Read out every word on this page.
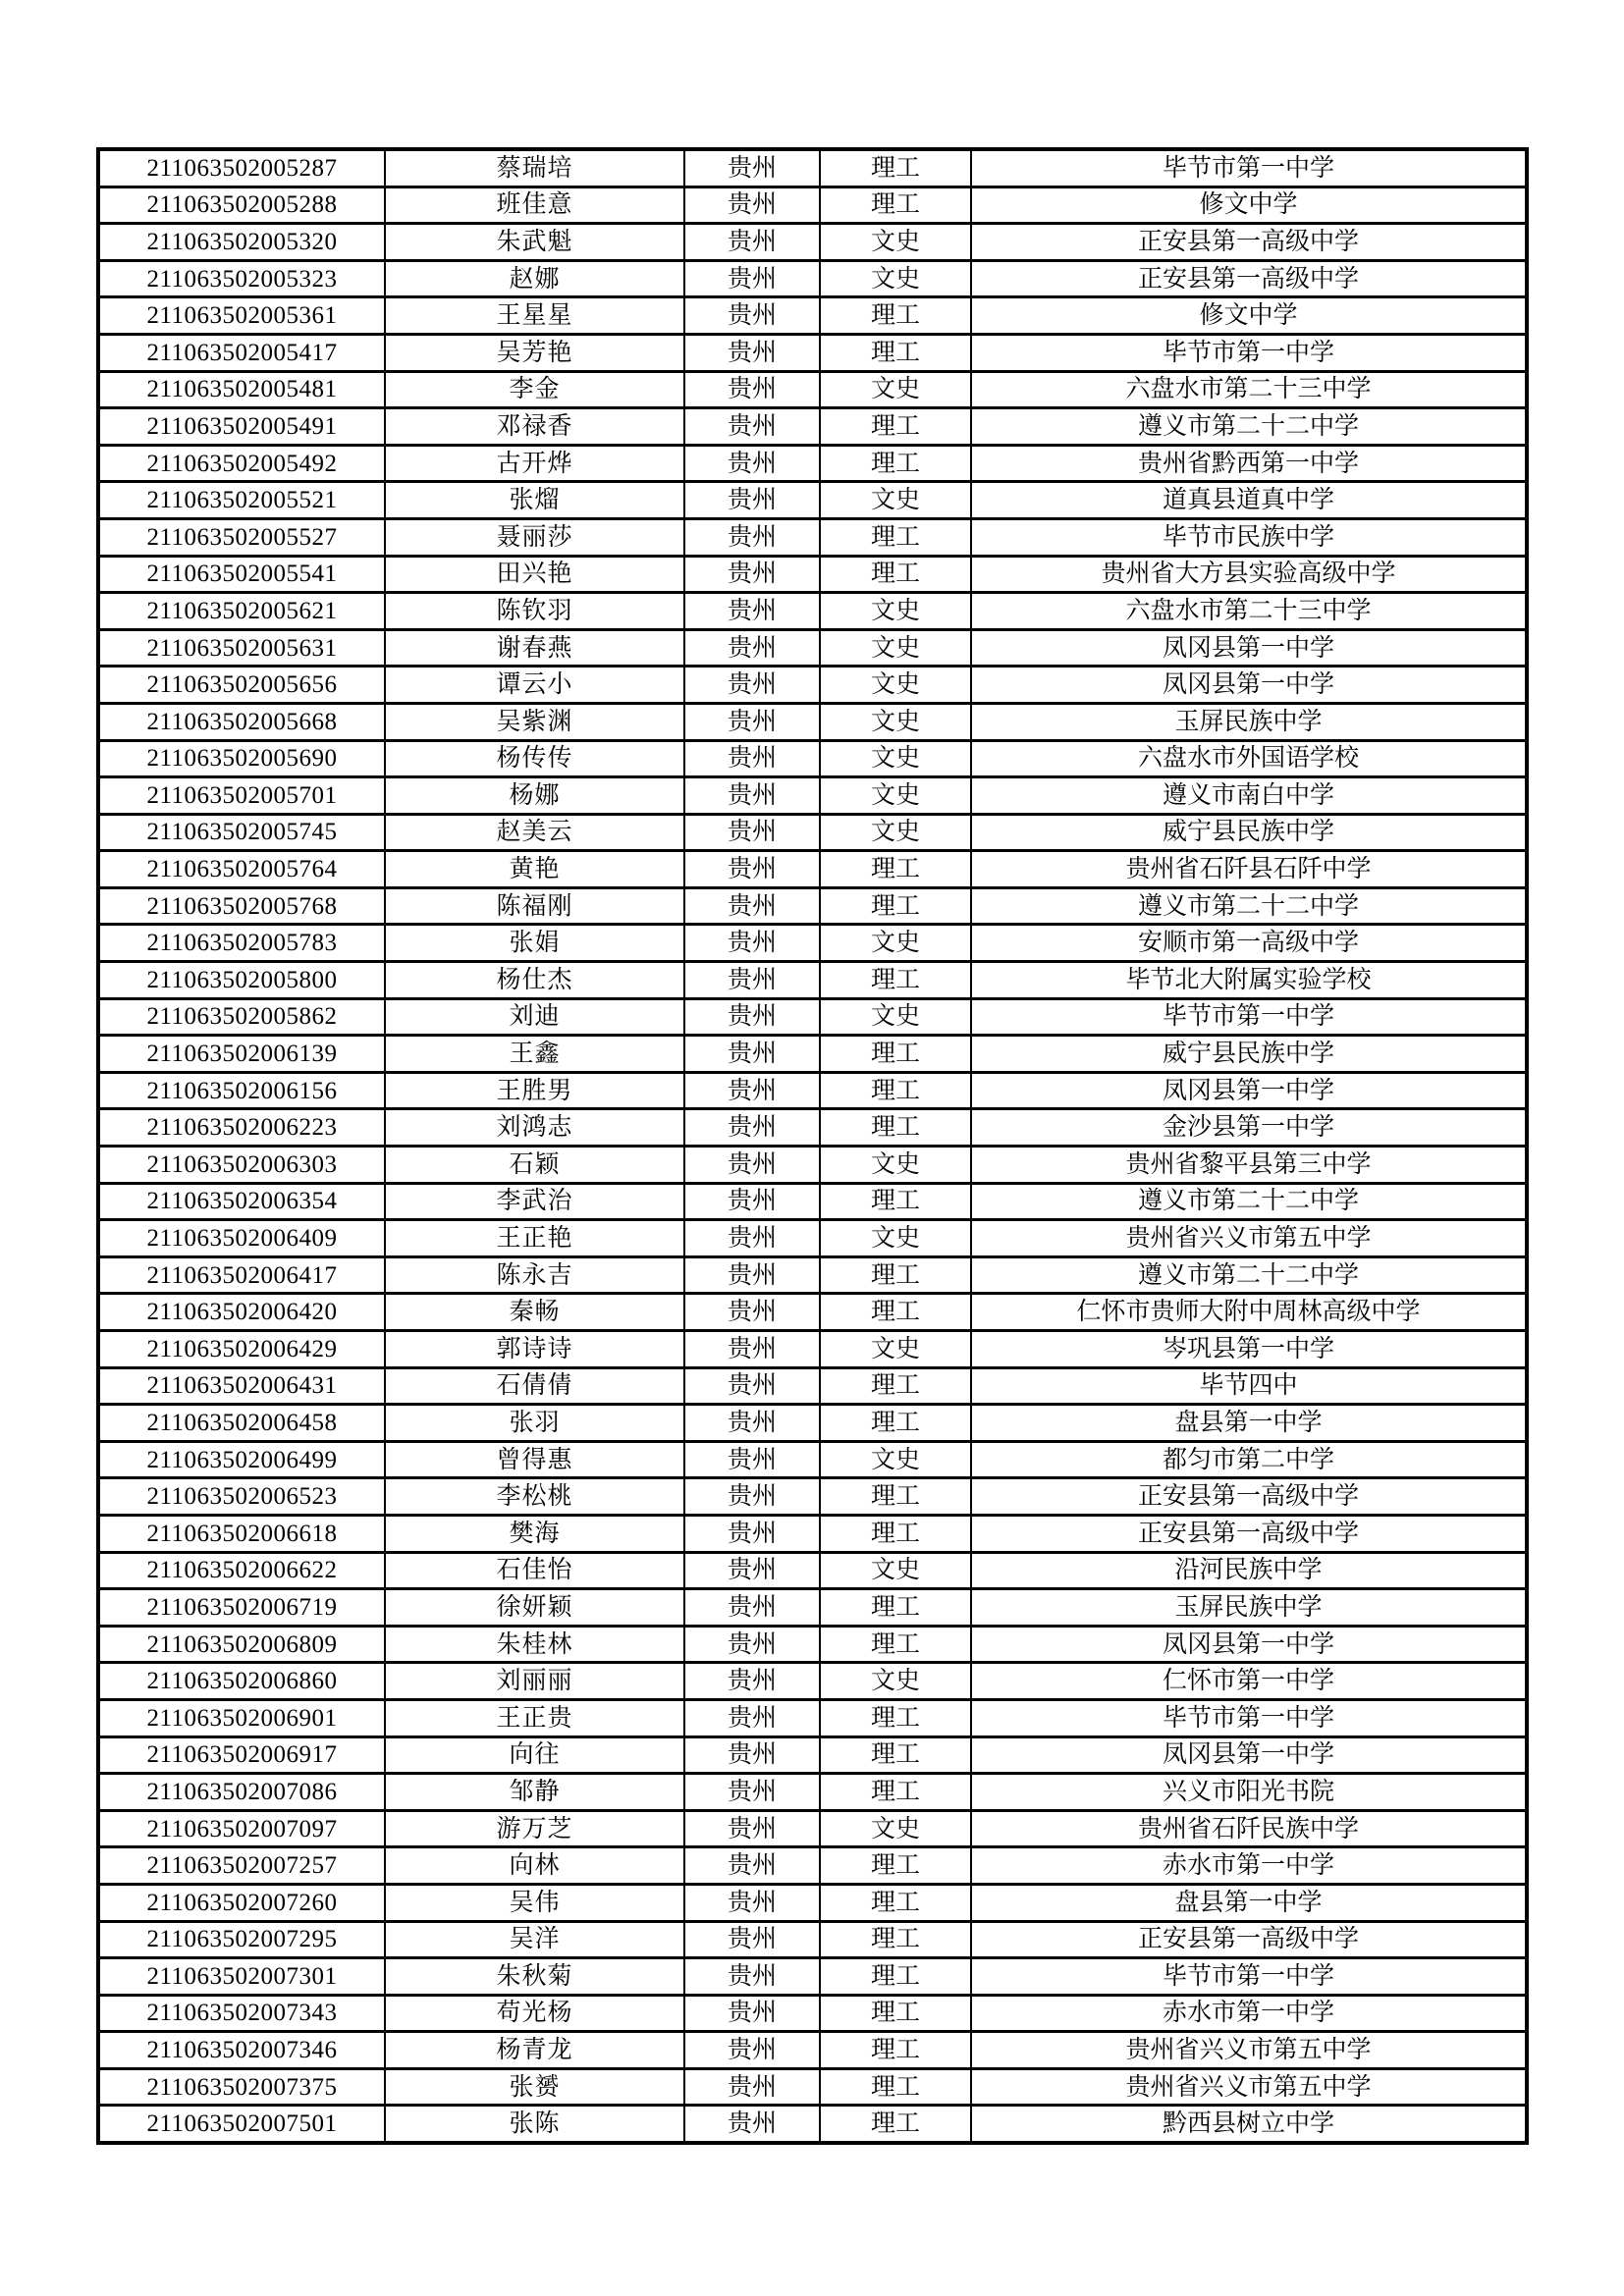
211063502005287	蔡瑞培	贵州	理工	毕节市第一中学
211063502005288	班佳意	贵州	理工	修文中学
211063502005320	朱武魁	贵州	文史	正安县第一高级中学
211063502005323	赵娜	贵州	文史	正安县第一高级中学
211063502005361	王星星	贵州	理工	修文中学
211063502005417	吴芳艳	贵州	理工	毕节市第一中学
211063502005481	李金	贵州	文史	六盘水市第二十三中学
211063502005491	邓禄香	贵州	理工	遵义市第二十二中学
211063502005492	古开烨	贵州	理工	贵州省黔西第一中学
211063502005521	张熘	贵州	文史	道真县道真中学
211063502005527	聂丽莎	贵州	理工	毕节市民族中学
211063502005541	田兴艳	贵州	理工	贵州省大方县实验高级中学
211063502005621	陈钦羽	贵州	文史	六盘水市第二十三中学
211063502005631	谢春燕	贵州	文史	凤冈县第一中学
211063502005656	谭云小	贵州	文史	凤冈县第一中学
211063502005668	吴紫渊	贵州	文史	玉屏民族中学
211063502005690	杨传传	贵州	文史	六盘水市外国语学校
211063502005701	杨娜	贵州	文史	遵义市南白中学
211063502005745	赵美云	贵州	文史	威宁县民族中学
211063502005764	黄艳	贵州	理工	贵州省石阡县石阡中学
211063502005768	陈福刚	贵州	理工	遵义市第二十二中学
211063502005783	张娟	贵州	文史	安顺市第一高级中学
211063502005800	杨仕杰	贵州	理工	毕节北大附属实验学校
211063502005862	刘迪	贵州	文史	毕节市第一中学
211063502006139	王鑫	贵州	理工	威宁县民族中学
211063502006156	王胜男	贵州	理工	凤冈县第一中学
211063502006223	刘鸿志	贵州	理工	金沙县第一中学
211063502006303	石颖	贵州	文史	贵州省黎平县第三中学
211063502006354	李武治	贵州	理工	遵义市第二十二中学
211063502006409	王正艳	贵州	文史	贵州省兴义市第五中学
211063502006417	陈永吉	贵州	理工	遵义市第二十二中学
211063502006420	秦畅	贵州	理工	仁怀市贵师大附中周林高级中学
211063502006429	郭诗诗	贵州	文史	岑巩县第一中学
211063502006431	石倩倩	贵州	理工	毕节四中
211063502006458	张羽	贵州	理工	盘县第一中学
211063502006499	曾得惠	贵州	文史	都匀市第二中学
211063502006523	李松桃	贵州	理工	正安县第一高级中学
211063502006618	樊海	贵州	理工	正安县第一高级中学
211063502006622	石佳怡	贵州	文史	沿河民族中学
211063502006719	徐妍颖	贵州	理工	玉屏民族中学
211063502006809	朱桂林	贵州	理工	凤冈县第一中学
211063502006860	刘丽丽	贵州	文史	仁怀市第一中学
211063502006901	王正贵	贵州	理工	毕节市第一中学
211063502006917	向往	贵州	理工	凤冈县第一中学
211063502007086	邹静	贵州	理工	兴义市阳光书院
211063502007097	游万芝	贵州	文史	贵州省石阡民族中学
211063502007257	向林	贵州	理工	赤水市第一中学
211063502007260	吴伟	贵州	理工	盘县第一中学
211063502007295	吴洋	贵州	理工	正安县第一高级中学
211063502007301	朱秋菊	贵州	理工	毕节市第一中学
211063502007343	苟光杨	贵州	理工	赤水市第一中学
211063502007346	杨青龙	贵州	理工	贵州省兴义市第五中学
211063502007375	张赟	贵州	理工	贵州省兴义市第五中学
211063502007501	张陈	贵州	理工	黔西县树立中学
